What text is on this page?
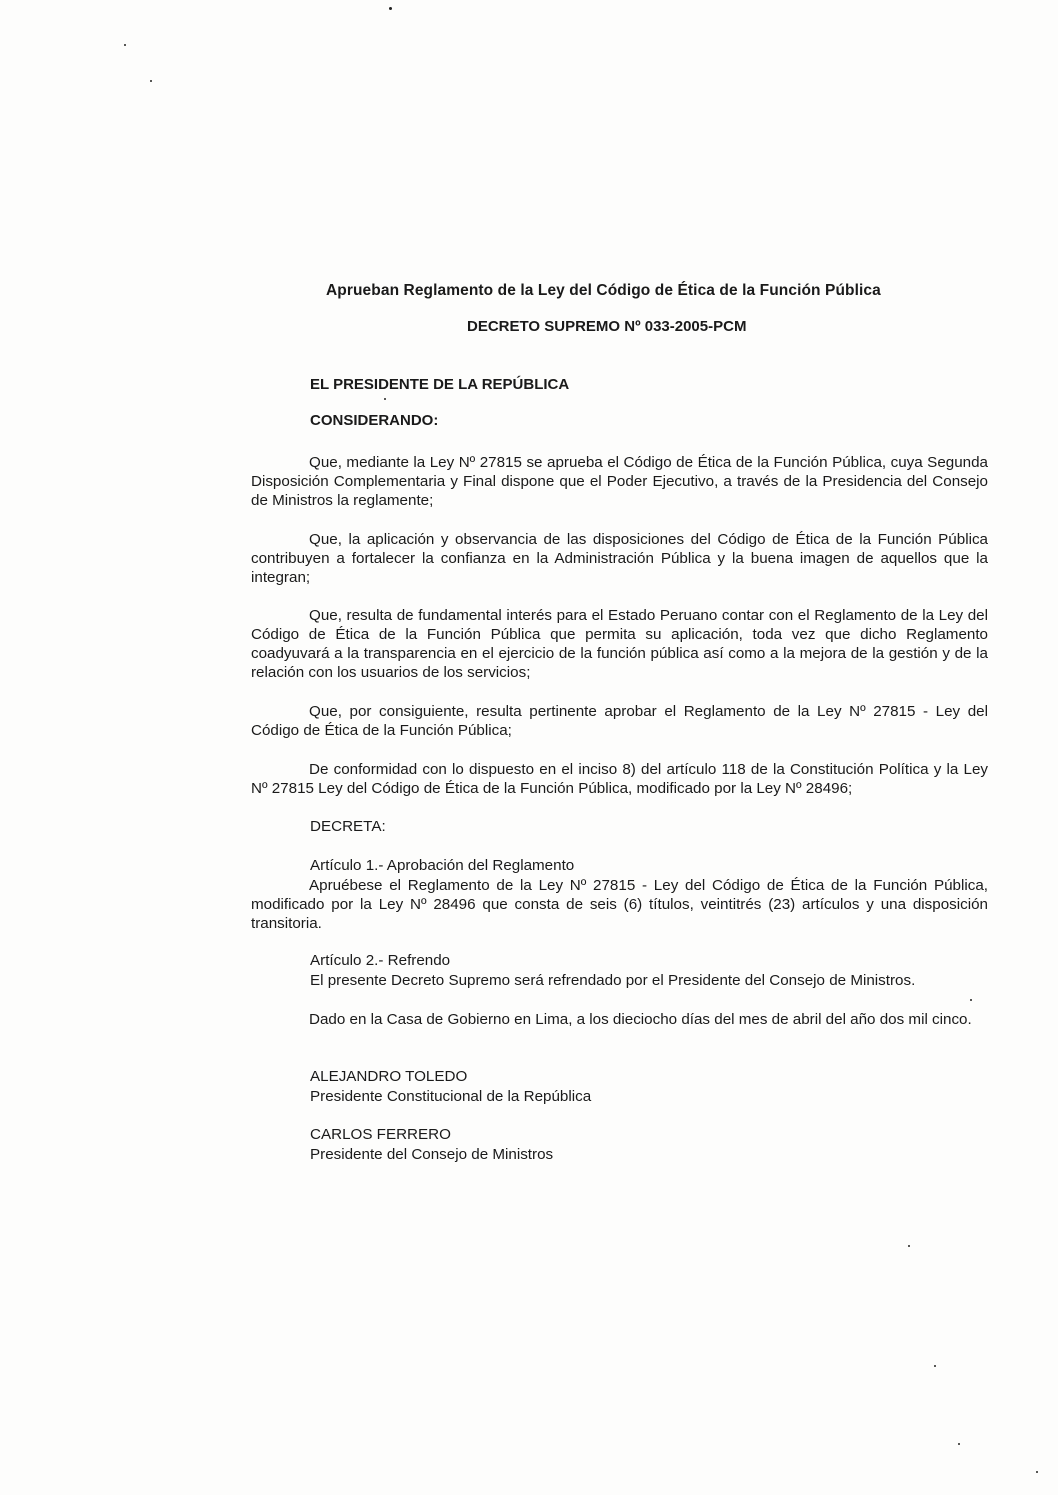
Aprueban Reglamento de la Ley del Código de Ética de la Función Pública
DECRETO SUPREMO Nº 033-2005-PCM
EL PRESIDENTE DE LA REPÚBLICA
CONSIDERANDO:

Que, mediante la Ley Nº 27815 se aprueba el Código de Ética de la Función Pública, cuya Segunda Disposición Complementaria y Final dispone que el Poder Ejecutivo, a través de la Presidencia del Consejo de Ministros la reglamente;

Que, la aplicación y observancia de las disposiciones del Código de Ética de la Función Pública contribuyen a fortalecer la confianza en la Administración Pública y la buena imagen de aquellos que la integran;

Que, resulta de fundamental interés para el Estado Peruano contar con el Reglamento de la Ley del Código de Ética de la Función Pública que permita su aplicación, toda vez que dicho Reglamento coadyuvará a la transparencia en el ejercicio de la función pública así como a la mejora de la gestión y de la relación con los usuarios de los servicios;

Que, por consiguiente, resulta pertinente aprobar el Reglamento de la Ley Nº 27815 - Ley del Código de Ética de la Función Pública;

De conformidad con lo dispuesto en el inciso 8) del artículo 118 de la Constitución Política y la Ley Nº 27815 Ley del Código de Ética de la Función Pública, modificado por la Ley Nº 28496;

DECRETA:
Artículo 1.- Aprobación del Reglamento

Apruébese el Reglamento de la Ley Nº 27815 - Ley del Código de Ética de la Función Pública, modificado por la Ley Nº 28496 que consta de seis (6) títulos, veintitrés (23) artículos y una disposición transitoria.

Artículo 2.- Refrendo
El presente Decreto Supremo será refrendado por el Presidente del Consejo de Ministros.

Dado en la Casa de Gobierno en Lima, a los dieciocho días del mes de abril del año dos mil cinco.

ALEJANDRO TOLEDO
Presidente Constitucional de la República
CARLOS FERRERO
Presidente del Consejo de Ministros
